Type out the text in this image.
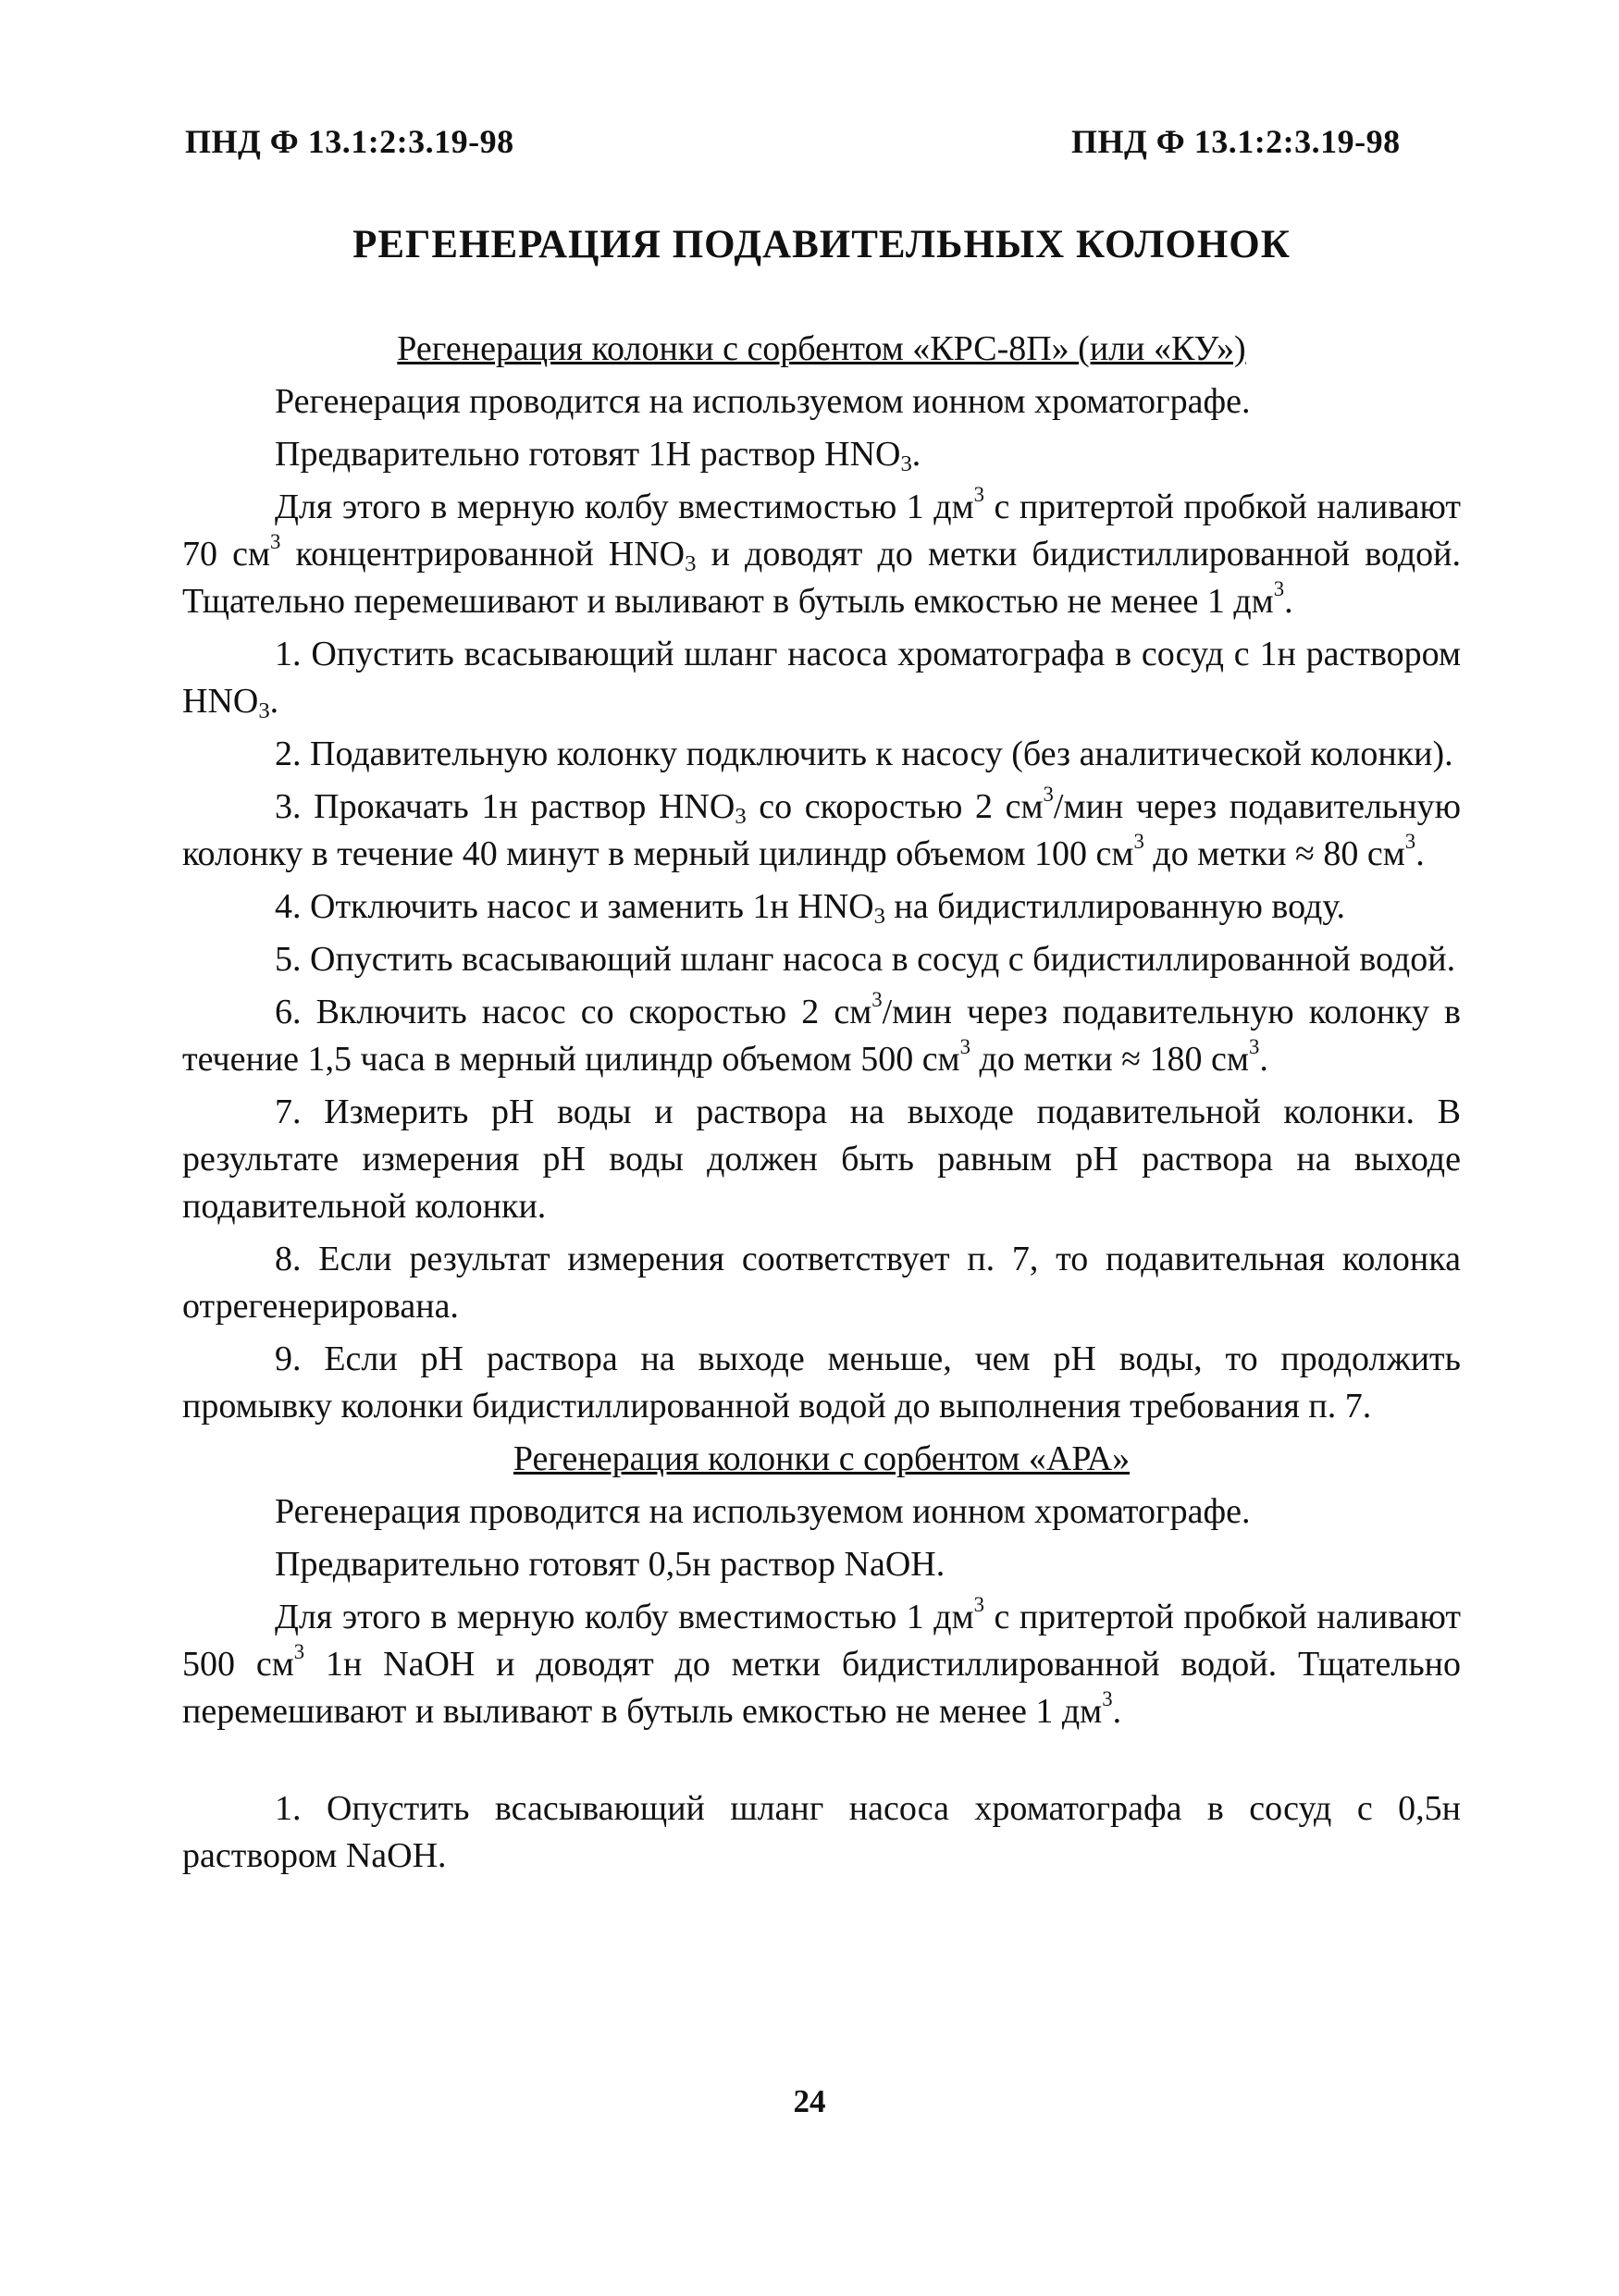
ПНД Ф 13.1:2:3.19-98	ПНД Ф 13.1:2:3.19-98
РЕГЕНЕРАЦИЯ ПОДАВИТЕЛЬНЫХ КОЛОНОК

Регенерация колонки с сорбентом «КРС-8П» (или «КУ»)

Регенерация проводится на используемом ионном хроматографе.

Предварительно готовят 1Н раствор $HNO_3$.

Для этого в мерную колбу вместимостью 1 $дм^3$ с притертой пробкой наливают 70 $см^3$ концентрированной $HNO_3$ и доводят до метки бидистиллированной водой. Тщательно перемешивают и выливают в бутыль емкостью не менее 1 $дм^3$.

1. Опустить всасывающий шланг насоса хроматографа в сосуд с 1н раствором $HNO_3$.

2. Подавительную колонку подключить к насосу (без аналитической колонки).

3. Прокачать 1н раствор $HNO_3$ со скоростью 2 $см^3$/мин через подавительную колонку в течение 40 минут в мерный цилиндр объемом 100 $см^3$ до метки ≈ 80 $см^3$.

4. Отключить насос и заменить 1н $HNO_3$ на бидистиллированную воду.

5. Опустить всасывающий шланг насоса в сосуд с бидистиллированной водой.

6. Включить насос со скоростью 2 $см^3$/мин через подавительную колонку в течение 1,5 часа в мерный цилиндр объемом 500 $см^3$ до метки ≈ 180 $см^3$.

7. Измерить pH воды и раствора на выходе подавительной колонки. В результате измерения pH воды должен быть равным pH раствора на выходе подавительной колонки.

8. Если результат измерения соответствует п. 7, то подавительная колонка отрегенерирована.

9. Если pH раствора на выходе меньше, чем pH воды, то продолжить промывку колонки бидистиллированной водой до выполнения требования п. 7.

Регенерация колонки с сорбентом «АРА»

Регенерация проводится на используемом ионном хроматографе.

Предварительно готовят 0,5н раствор NaOH.

Для этого в мерную колбу вместимостью 1 $дм^3$ с притертой пробкой наливают 500 $см^3$ 1н NaOH и доводят до метки бидистиллированной водой. Тщательно перемешивают и выливают в бутыль емкостью не менее 1 $дм^3$.

1. Опустить всасывающий шланг насоса хроматографа в сосуд с 0,5н раствором NaOH.

24
